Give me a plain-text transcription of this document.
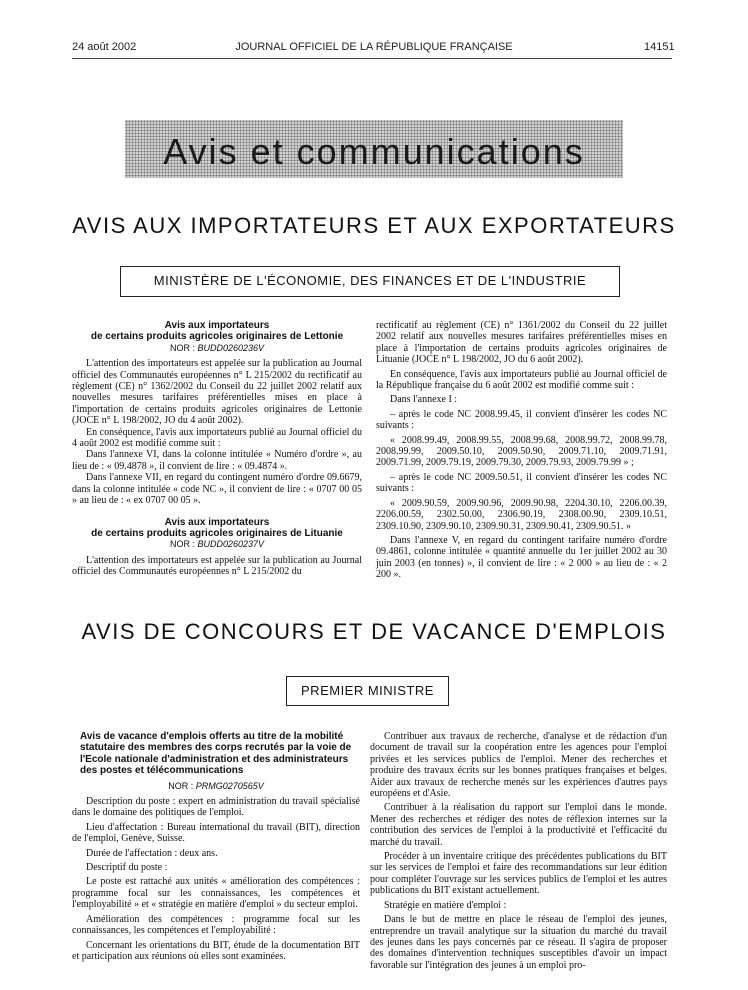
24 août 2002	JOURNAL OFFICIEL DE LA RÉPUBLIQUE FRANÇAISE	14151
Avis et communications
AVIS AUX IMPORTATEURS ET AUX EXPORTATEURS
MINISTÈRE DE L'ÉCONOMIE, DES FINANCES ET DE L'INDUSTRIE

Avis aux importateurs

de certains produits agricoles originaires de Lettonie

NOR : BUDD0260236V

L'attention des importateurs est appelée sur la publication au Journal officiel des Communautés européennes n° L 215/2002 du rectificatif au règlement (CE) n° 1362/2002 du Conseil du 22 juillet 2002 relatif aux nouvelles mesures tarifaires préférentielles mises en place à l'importation de certains produits agricoles originaires de Lettonie (JOCE n° L 198/2002, JO du 4 août 2002).

En conséquence, l'avis aux importateurs publié au Journal officiel du 4 août 2002 est modifié comme suit :

Dans l'annexe VI, dans la colonne intitulée « Numéro d'ordre », au lieu de : « 09.4878 », il convient de lire : « 09.4874 ».

Dans l'annexe VII, en regard du contingent numéro d'ordre 09.6679, dans la colonne intitulée « code NC », il convient de lire : « 0707 00 05 » au lieu de : « ex 0707 00 05 ».

Avis aux importateurs

de certains produits agricoles originaires de Lituanie

NOR : BUDD0260237V

L'attention des importateurs est appelée sur la publication au Journal officiel des Communautés européennes n° L 215/2002 du

rectificatif au règlement (CE) n° 1361/2002 du Conseil du 22 juillet 2002 relatif aux nouvelles mesures tarifaires préférentielles mises en place à l'importation de certains produits agricoles originaires de Lituanie (JOCE n° L 198/2002, JO du 6 août 2002).

En conséquence, l'avis aux importateurs publié au Journal officiel de la République française du 6 août 2002 est modifié comme suit :

Dans l'annexe I :

– après le code NC 2008.99.45, il convient d'insérer les codes NC suivants :

« 2008.99.49, 2008.99.55, 2008.99.68, 2008.99.72, 2008.99.78, 2008.99.99, 2009.50.10, 2009.50.90, 2009.71.10, 2009.71.91, 2009.71.99, 2009.79.19, 2009.79.30, 2009.79.93, 2009.79.99 » ;

– après le code NC 2009.50.51, il convient d'insérer les codes NC suivants :

« 2009.90.59, 2009.90.96, 2009.90.98, 2204.30.10, 2206.00.39, 2206.00.59, 2302.50.00, 2306.90.19, 2308.00.90, 2309.10.51, 2309.10.90, 2309.90.10, 2309.90.31, 2309.90.41, 2309.90.51. »

Dans l'annexe V, en regard du contingent tarifaire numéro d'ordre 09.4861, colonne intitulée « quantité annuelle du 1er juillet 2002 au 30 juin 2003 (en tonnes) », il convient de lire : « 2 000 » au lieu de : « 2 200 ».

AVIS DE CONCOURS ET DE VACANCE D'EMPLOIS
PREMIER MINISTRE

Avis de vacance d'emplois offerts au titre de la mobilité statutaire des membres des corps recrutés par la voie de l'Ecole nationale d'administration et des administrateurs des postes et télécommunications

NOR : PRMG0270565V

Description du poste : expert en administration du travail spécialisé dans le domaine des politiques de l'emploi.

Lieu d'affectation : Bureau international du travail (BIT), direction de l'emploi, Genève, Suisse.

Durée de l'affectation : deux ans.

Descriptif du poste :

Le poste est rattaché aux unités « amélioration des compétences : programme focal sur les connaissances, les compétences et l'employabilité » et « stratégie en matière d'emploi » du secteur emploi.

Amélioration des compétences : programme focal sur les connaissances, les compétences et l'employabilité :

Concernant les orientations du BIT, étude de la documentation BIT et participation aux réunions où elles sont examinées.

Contribuer aux travaux de recherche, d'analyse et de rédaction d'un document de travail sur la coopération entre les agences pour l'emploi privées et les services publics de l'emploi. Mener des recherches et produire des travaux écrits sur les bonnes pratiques françaises et belges. Aider aux travaux de recherche menés sur les expériences d'autres pays européens et d'Asie.

Contribuer à la réalisation du rapport sur l'emploi dans le monde. Mener des recherches et rédiger des notes de réflexion internes sur la contribution des services de l'emploi à la productivité et l'efficacité du marché du travail.

Procéder à un inventaire critique des précédentes publications du BIT sur les services de l'emploi et faire des recommandations sur leur édition pour compléter l'ouvrage sur les services publics de l'emploi et les autres publications du BIT existant actuellement.

Stratégie en matière d'emploi :

Dans le but de mettre en place le réseau de l'emploi des jeunes, entreprendre un travail analytique sur la situation du marché du travail des jeunes dans les pays concernés par ce réseau. Il s'agira de proposer des domaines d'intervention techniques susceptibles d'avoir un impact favorable sur l'intégration des jeunes à un emploi pro-
